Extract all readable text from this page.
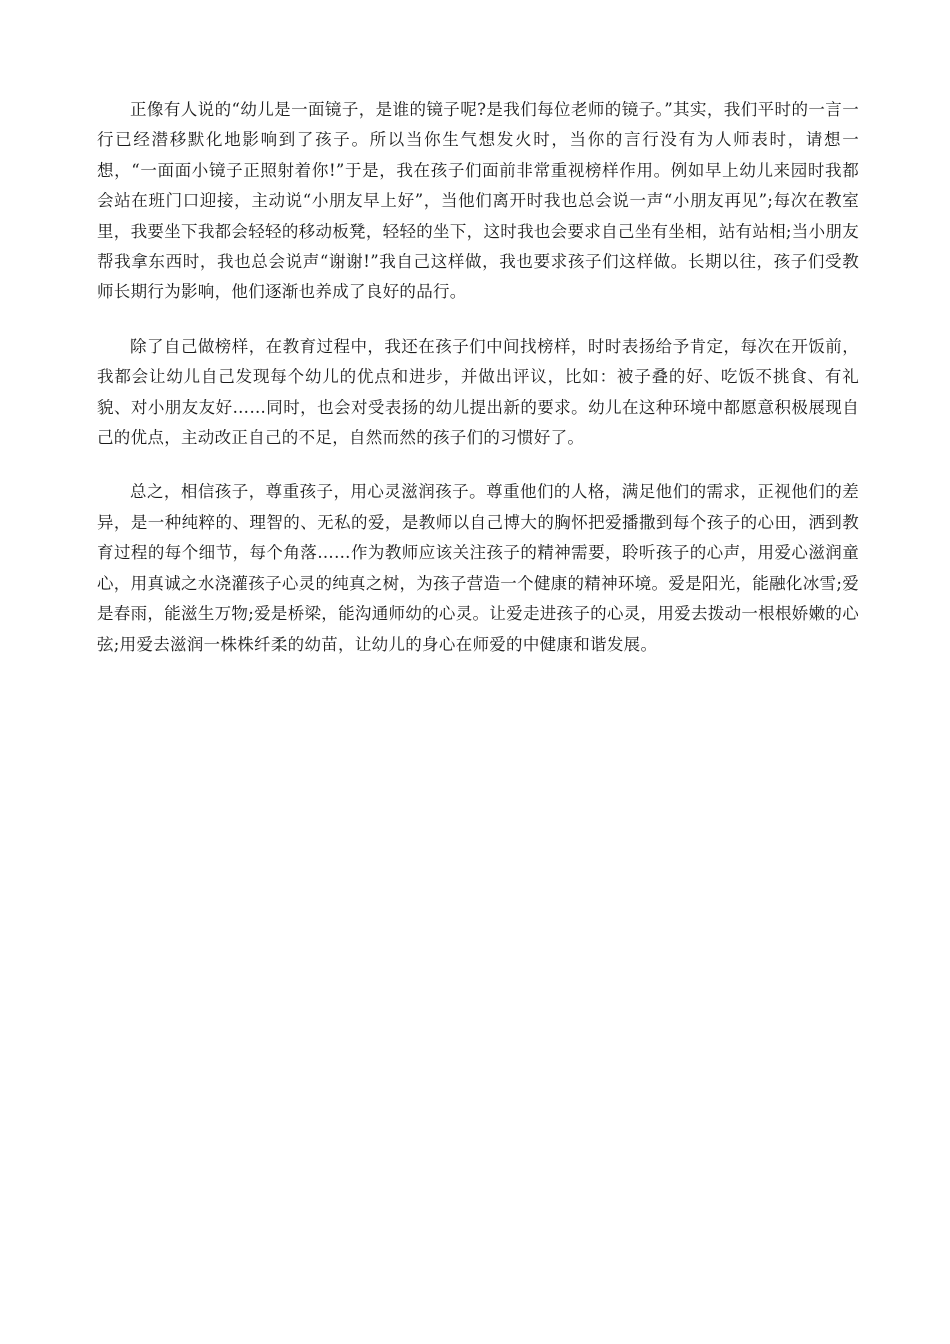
正像有人说的“幼儿是一面镜子，是谁的镜子呢?是我们每位老师的镜子。”其实，我们平时的一言一行已经潜移默化地影响到了孩子。所以当你生气想发火时，当你的言行没有为人师表时，请想一想，“一面面小镜子正照射着你!”于是，我在孩子们面前非常重视榜样作用。例如早上幼儿来园时我都会站在班门口迎接，主动说“小朋友早上好”，当他们离开时我也总会说一声“小朋友再见”;每次在教室里，我要坐下我都会轻轻的移动板凳，轻轻的坐下，这时我也会要求自己坐有坐相，站有站相;当小朋友帮我拿东西时，我也总会说声“谢谢!”我自己这样做，我也要求孩子们这样做。长期以往，孩子们受教师长期行为影响，他们逐渐也养成了良好的品行。

除了自己做榜样，在教育过程中，我还在孩子们中间找榜样，时时表扬给予肯定，每次在开饭前，我都会让幼儿自己发现每个幼儿的优点和进步，并做出评议，比如：被子叠的好、吃饭不挑食、有礼貌、对小朋友友好……同时，也会对受表扬的幼儿提出新的要求。幼儿在这种环境中都愿意积极展现自己的优点，主动改正自己的不足，自然而然的孩子们的习惯好了。

总之，相信孩子，尊重孩子，用心灵滋润孩子。尊重他们的人格，满足他们的需求，正视他们的差异，是一种纯粹的、理智的、无私的爱，是教师以自己博大的胸怀把爱播撒到每个孩子的心田，洒到教育过程的每个细节，每个角落……作为教师应该关注孩子的精神需要，聆听孩子的心声，用爱心滋润童心，用真诚之水浇灌孩子心灵的纯真之树，为孩子营造一个健康的精神环境。爱是阳光，能融化冰雪;爱是春雨，能滋生万物;爱是桥梁，能沟通师幼的心灵。让爱走进孩子的心灵，用爱去拨动一根根娇嫩的心弦;用爱去滋润一株株纤柔的幼苗，让幼儿的身心在师爱的中健康和谐发展。
